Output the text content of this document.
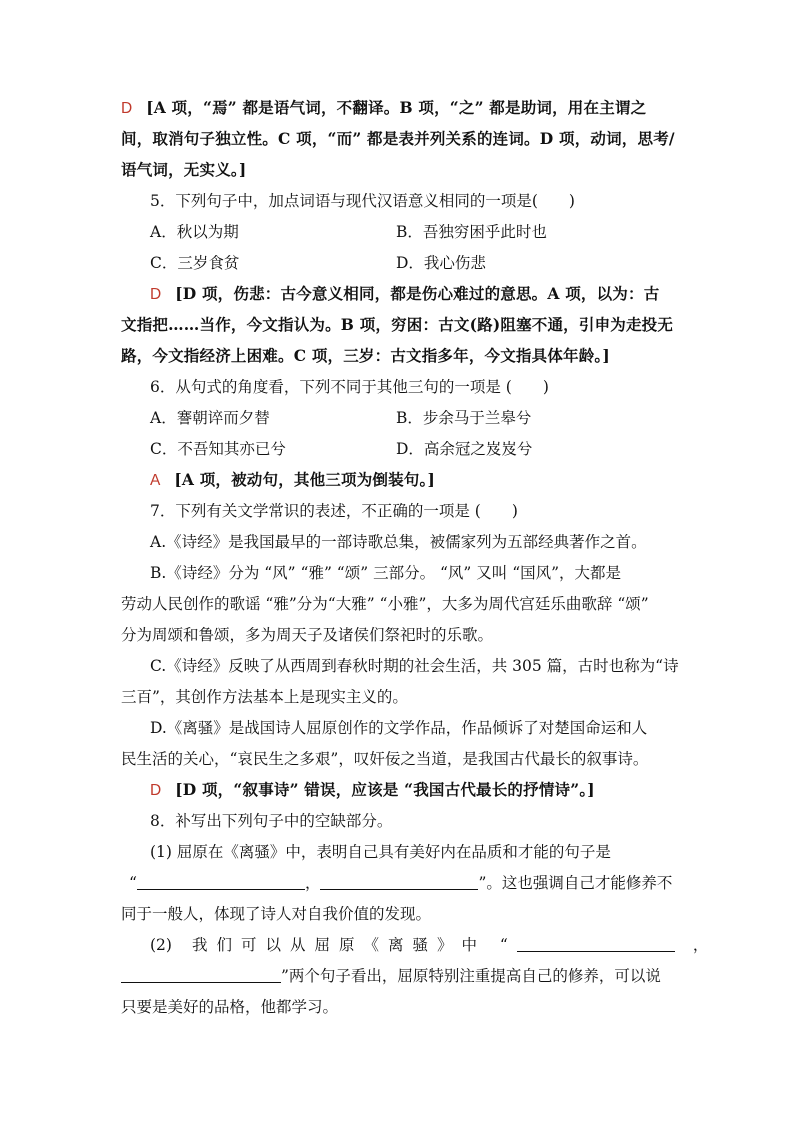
D [A 项，“焉” 都是语气词，不翻译。B 项，“之” 都是助词，用在主谓之
间，取消句子独立性。C 项，“而” 都是表并列关系的连词。D 项，动词，思考/
语气词，无实义。]
5．下列句子中，加点词语与现代汉语意义相同的一项是(　　)
A．秋以为期	B．吾独穷困乎此时也
C．三岁食贫	D．我心伤悲
D [D 项，伤悲：古今意义相同，都是伤心难过的意思。A 项，以为：古
文指把……当作，今文指认为。B 项，穷困：古文(路)阻塞不通，引申为走投无
路，今文指经济上困难。C 项，三岁：古文指多年，今文指具体年龄。]
6．从句式的角度看，下列不同于其他三句的一项是 (　　)
A．謇朝谇而夕替	B．步余马于兰皋兮
C．不吾知其亦已兮	D．高余冠之岌岌兮
A [A 项，被动句，其他三项为倒装句。]
7．下列有关文学常识的表述，不正确的一项是 (　　)
A.《诗经》是我国最早的一部诗歌总集，被儒家列为五部经典著作之首。
B.《诗经》分为 “风” “雅” “颂” 三部分。 “风” 又叫 “国风”，大都是
劳动人民创作的歌谣 “雅”分为“大雅” “小雅”，大多为周代宫廷乐曲歌辞 “颂”
分为周颂和鲁颂，多为周天子及诸侯们祭祀时的乐歌。
C.《诗经》反映了从西周到春秋时期的社会生活，共 305 篇，古时也称为“诗
三百”，其创作方法基本上是现实主义的。
D.《离骚》是战国诗人屈原创作的文学作品，作品倾诉了对楚国命运和人
民生活的关心，“哀民生之多艰”，叹奸佞之当道，是我国古代最长的叙事诗。
D [D 项，“叙事诗” 错误，应该是 “我国古代最长的抒情诗”。]
8．补写出下列句子中的空缺部分。
(1) 屈原在《离骚》中，表明自己具有美好内在品质和才能的句子是
“	，	”。这也强调自己才能修养不
同于一般人，体现了诗人对自我价值的发现。
(2) 我们可以从屈原《离骚》中 “	，
”两个句子看出，屈原特别注重提高自己的修养，可以说
只要是美好的品格，他都学习。
